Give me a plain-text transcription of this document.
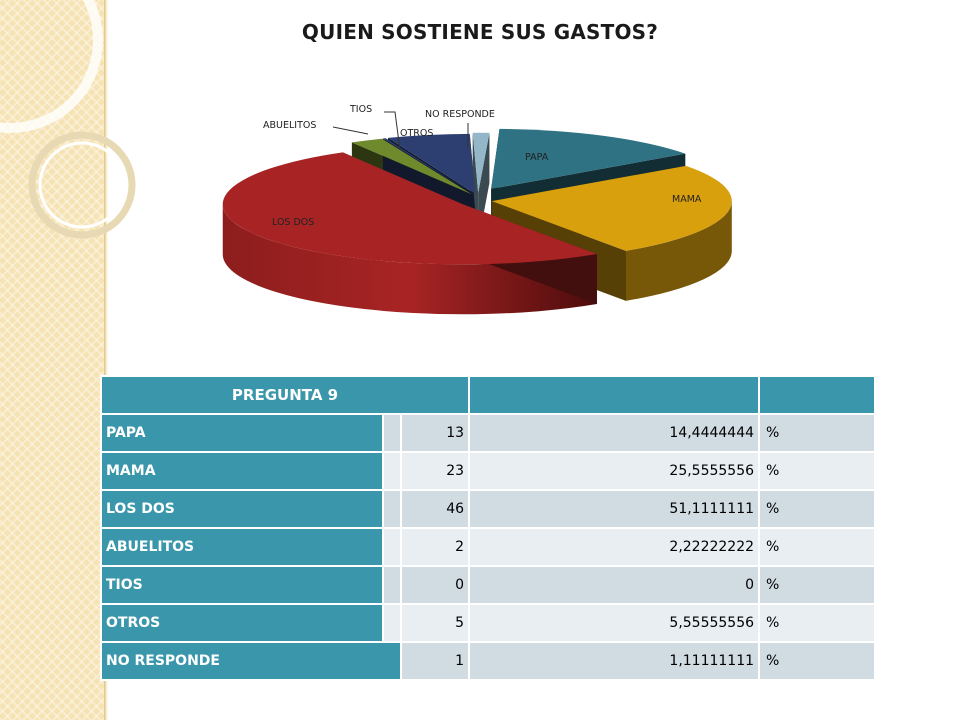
QUIEN SOSTIENE SUS GASTOS?
PAPA
MAMA
LOS DOS
ABUELITOS
TIOS
OTROS
NO RESPONDE
PREGUNTA 9				
PAPA		13	14,4444444	%
MAMA		23	25,5555556	%
LOS DOS		46	51,1111111	%
ABUELITOS		2	2,22222222	%
TIOS		0	0	%
OTROS		5	5,55555556	%
NO RESPONDE		1	1,11111111	%
